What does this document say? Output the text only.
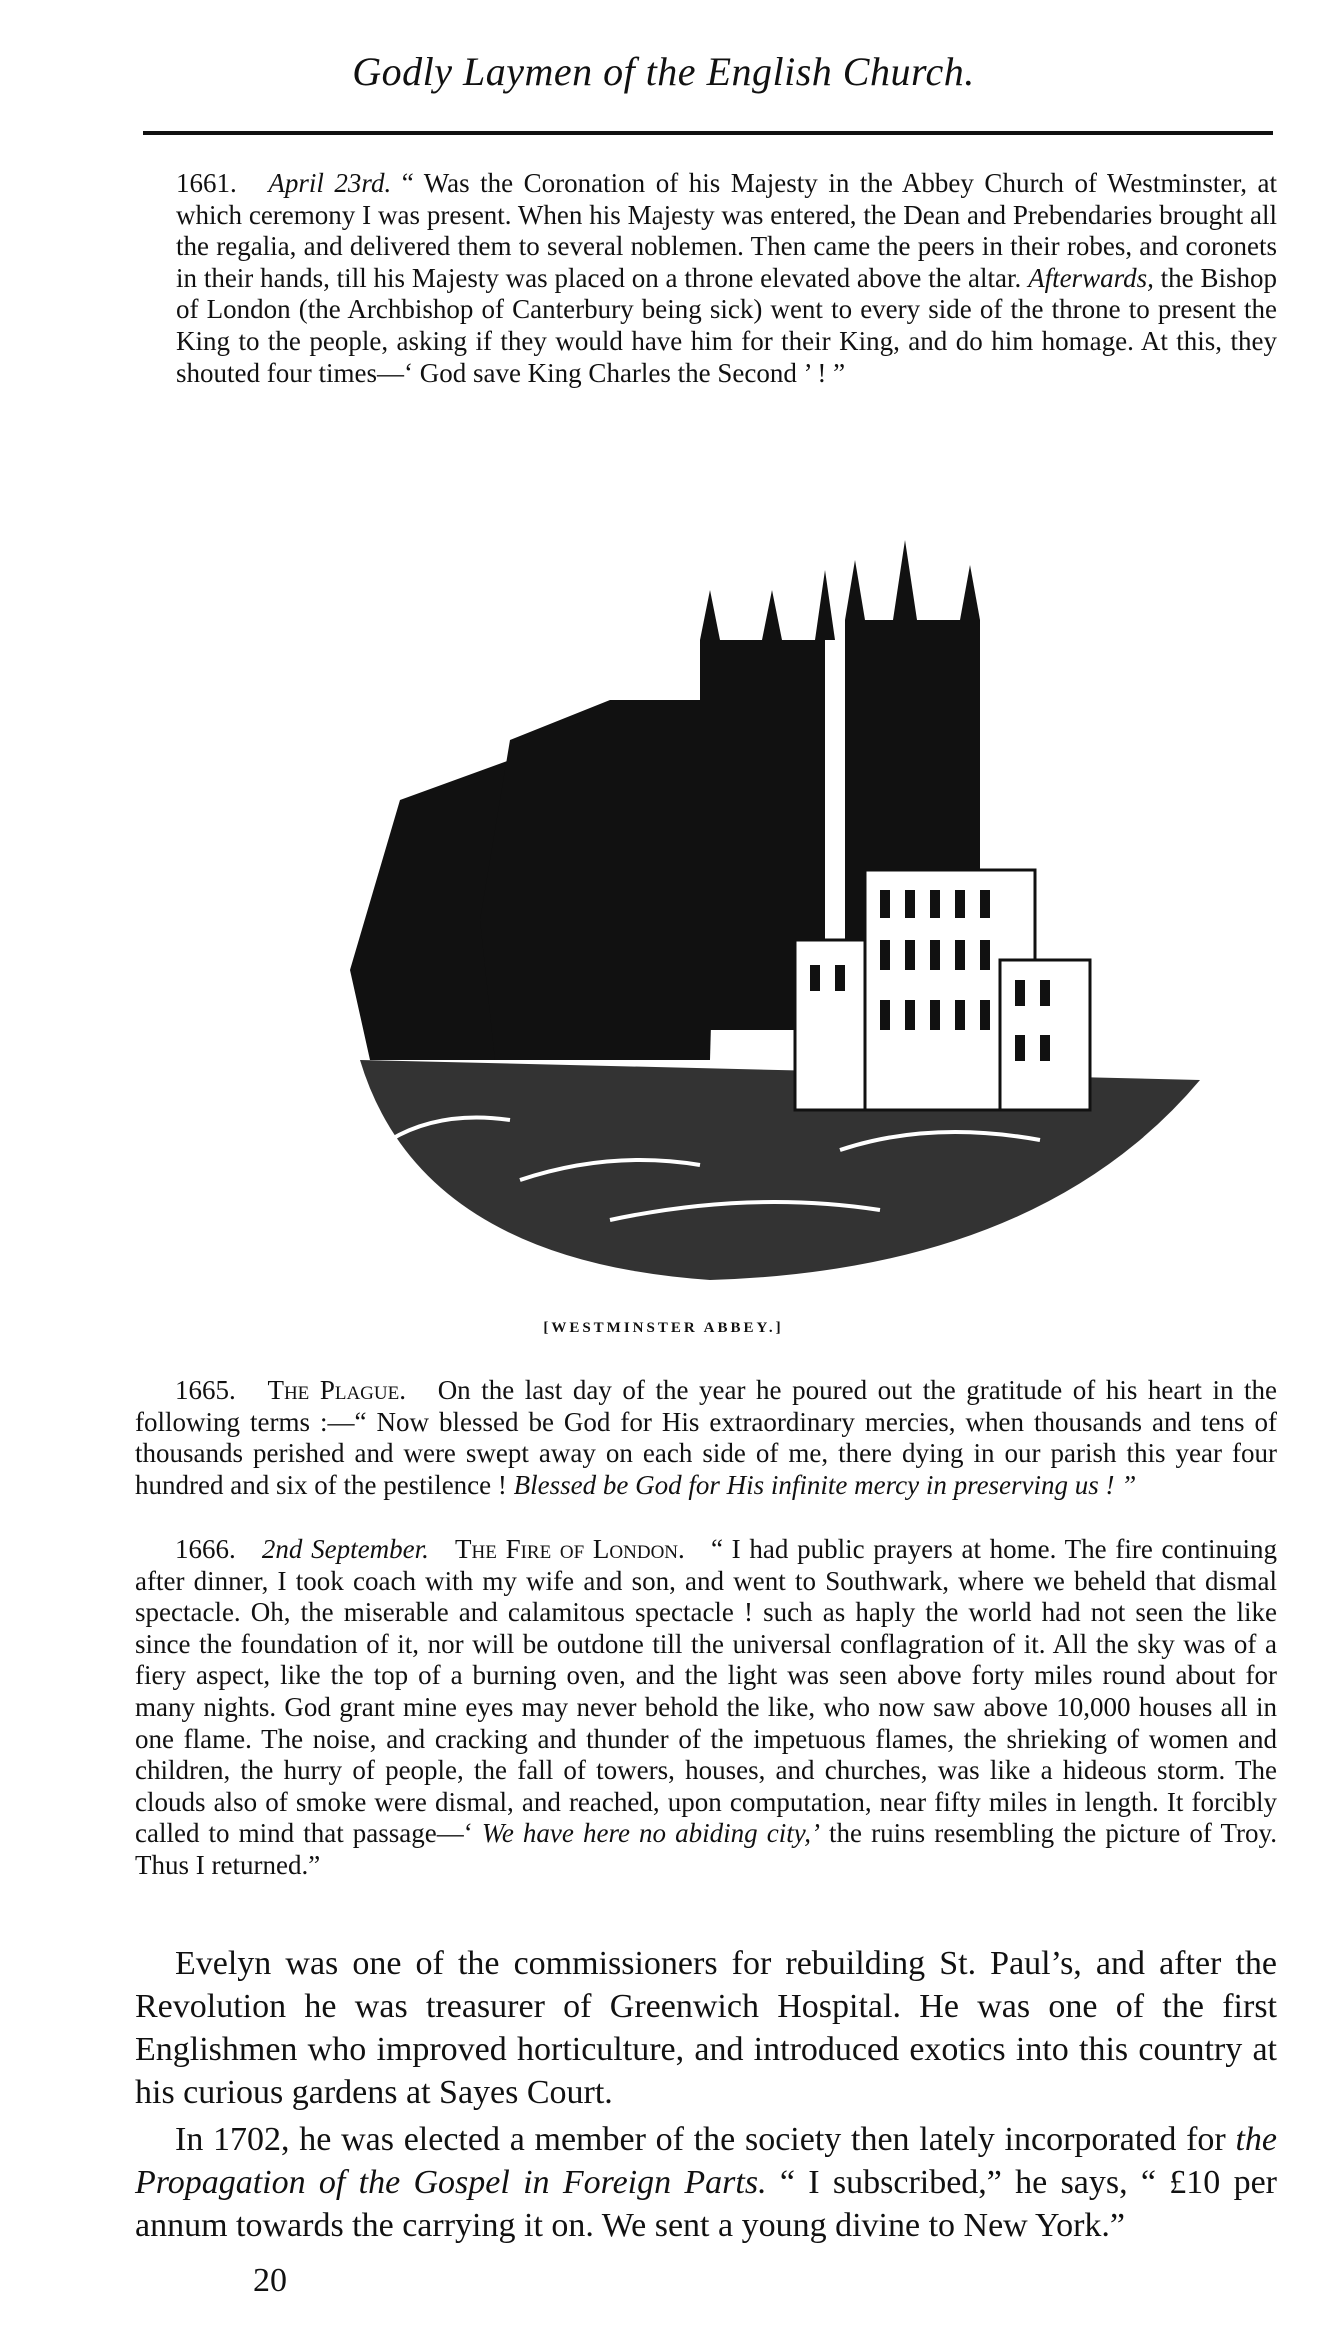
Godly Laymen of the English Church.

1661. April 23rd. “ Was the Coronation of his Majesty in the Abbey Church of Westminster, at which ceremony I was present. When his Majesty was entered, the Dean and Prebendaries brought all the regalia, and delivered them to several noblemen. Then came the peers in their robes, and coronets in their hands, till his Majesty was placed on a throne elevated above the altar. Afterwards, the Bishop of London (the Archbishop of Canterbury being sick) went to every side of the throne to present the King to the people, asking if they would have him for their King, and do him homage. At this, they shouted four times—‘ God save King Charles the Second ’ ! ”

[WESTMINSTER ABBEY.]

1665. The Plague. On the last day of the year he poured out the gratitude of his heart in the following terms :—“ Now blessed be God for His extraordinary mercies, when thousands and tens of thousands perished and were swept away on each side of me, there dying in our parish this year four hundred and six of the pestilence ! Blessed be God for His infinite mercy in preserving us ! ”

1666. 2nd September. The Fire of London. “ I had public prayers at home. The fire continuing after dinner, I took coach with my wife and son, and went to Southwark, where we beheld that dismal spectacle. Oh, the miserable and calamitous spectacle ! such as haply the world had not seen the like since the foundation of it, nor will be outdone till the universal conflagration of it. All the sky was of a fiery aspect, like the top of a burning oven, and the light was seen above forty miles round about for many nights. God grant mine eyes may never behold the like, who now saw above 10,000 houses all in one flame. The noise, and cracking and thunder of the impetuous flames, the shrieking of women and children, the hurry of people, the fall of towers, houses, and churches, was like a hideous storm. The clouds also of smoke were dismal, and reached, upon computation, near fifty miles in length. It forcibly called to mind that passage—‘ We have here no abiding city,’ the ruins resembling the picture of Troy. Thus I returned.”

Evelyn was one of the commissioners for rebuilding St. Paul’s, and after the Revolution he was treasurer of Greenwich Hospital. He was one of the first Englishmen who improved horticulture, and introduced exotics into this country at his curious gardens at Sayes Court.

In 1702, he was elected a member of the society then lately incorporated for the Propagation of the Gospel in Foreign Parts. “ I subscribed,” he says, “ £10 per annum towards the carrying it on. We sent a young divine to New York.”

20
